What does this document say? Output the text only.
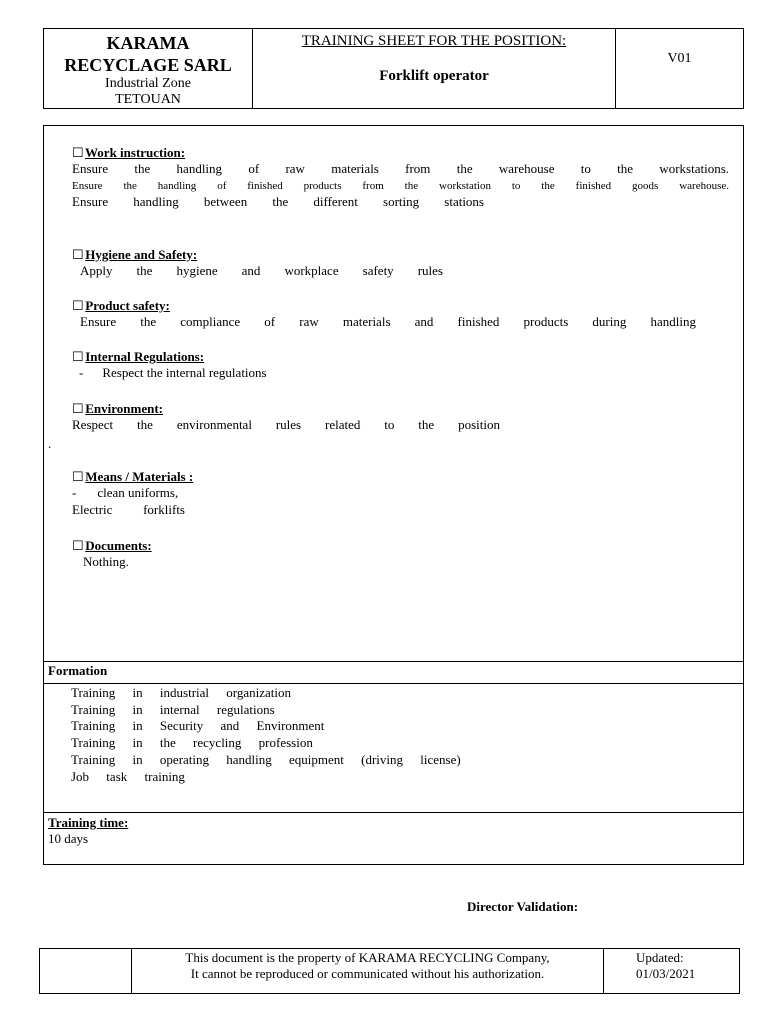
KARAMA
RECYCLAGE SARL
Industrial Zone
TETOUAN
TRAINING SHEET FOR THE POSITION:
Forklift operator
V01
☐ Work instruction:
Ensure the handling of raw materials from the warehouse to the workstations.
Ensure the handling of finished products from the workstation to the finished goods warehouse.
Ensure handling between the different sorting stations
☐ Hygiene and Safety:
Apply the hygiene and workplace safety rules
☐ Product safety:
Ensure the compliance of raw materials and finished products during handling
☐ Internal Regulations:
- Respect the internal regulations
☐ Environment:
Respect the environmental rules related to the position
.
☐ Means / Materials :
- clean uniforms,
Electric forklifts
☐ Documents:
Nothing.
Formation
Training in industrial organization
Training in internal regulations
Training in Security and Environment
Training in the recycling profession
Training in operating handling equipment (driving license)
Job task training
Training time:
10 days
Director Validation:
This document is the property of KARAMA RECYCLING Company,
It cannot be reproduced or communicated without his authorization.
Updated:
01/03/2021
